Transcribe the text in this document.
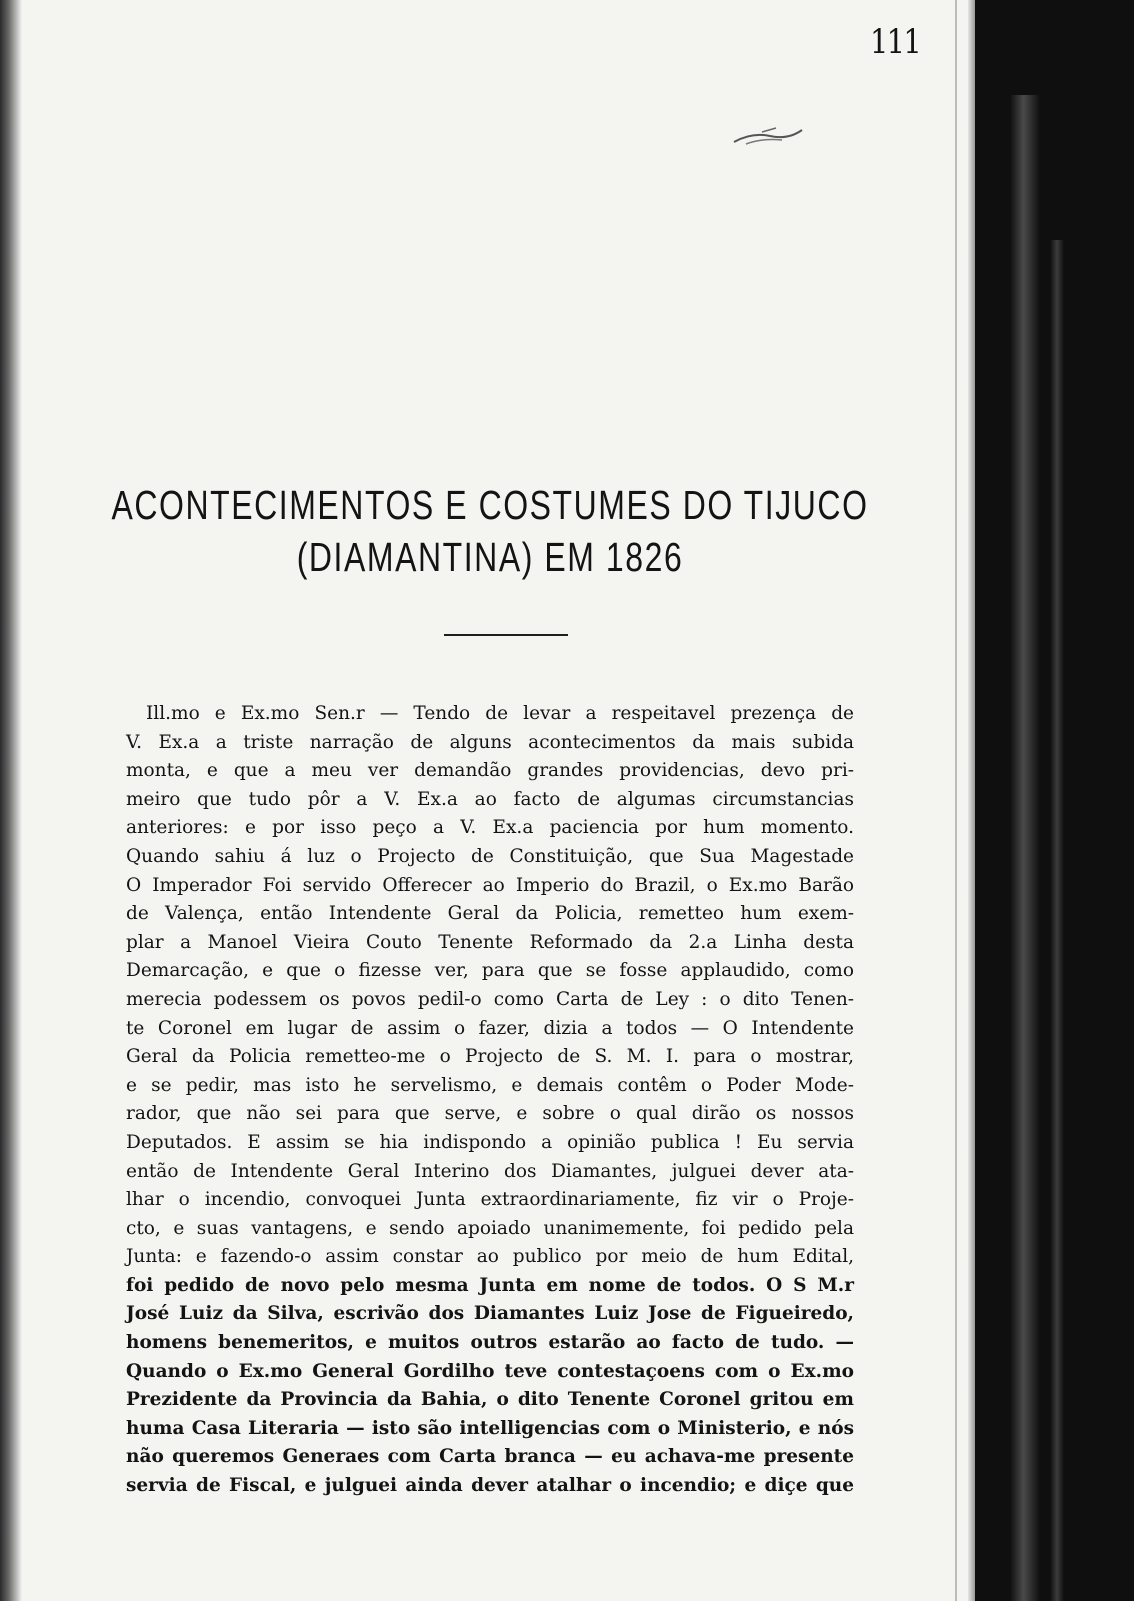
111
ACONTECIMENTOS E COSTUMES DO TIJUCO
(DIAMANTINA) EM 1826
Ill.mo e Ex.mo Sen.r — Tendo de levar a respeitavel prezença de
V. Ex.a a triste narração de alguns acontecimentos da mais subida
monta, e que a meu ver demandão grandes providencias, devo pri-
meiro que tudo pôr a V. Ex.a ao facto de algumas circumstancias
anteriores: e por isso peço a V. Ex.a paciencia por hum momento.
Quando sahiu á luz o Projecto de Constituição, que Sua Magestade
O Imperador Foi servido Offerecer ao Imperio do Brazil, o Ex.mo Barão
de Valença, então Intendente Geral da Policia, remetteo hum exem-
plar a Manoel Vieira Couto Tenente Reformado da 2.a Linha desta
Demarcação, e que o fizesse ver, para que se fosse applaudido, como
merecia podessem os povos pedil-o como Carta de Ley : o dito Tenen-
te Coronel em lugar de assim o fazer, dizia a todos — O Intendente
Geral da Policia remetteo-me o Projecto de S. M. I. para o mostrar,
e se pedir, mas isto he servelismo, e demais contêm o Poder Mode-
rador, que não sei para que serve, e sobre o qual dirão os nossos
Deputados. E assim se hia indispondo a opinião publica ! Eu servia
então de Intendente Geral Interino dos Diamantes, julguei dever ata-
lhar o incendio, convoquei Junta extraordinariamente, fiz vir o Proje-
cto, e suas vantagens, e sendo apoiado unanimemente, foi pedido pela
Junta: e fazendo-o assim constar ao publico por meio de hum Edital,
foi pedido de novo pelo mesma Junta em nome de todos. O S M.r
José Luiz da Silva, escrivão dos Diamantes Luiz Jose de Figueiredo,
homens benemeritos, e muitos outros estarão ao facto de tudo. —
Quando o Ex.mo General Gordilho teve contestaçoens com o Ex.mo
Prezidente da Provincia da Bahia, o dito Tenente Coronel gritou em
huma Casa Literaria — isto são intelligencias com o Ministerio, e nós
não queremos Generaes com Carta branca — eu achava-me presente
servia de Fiscal, e julguei ainda dever atalhar o incendio; e diçe que
